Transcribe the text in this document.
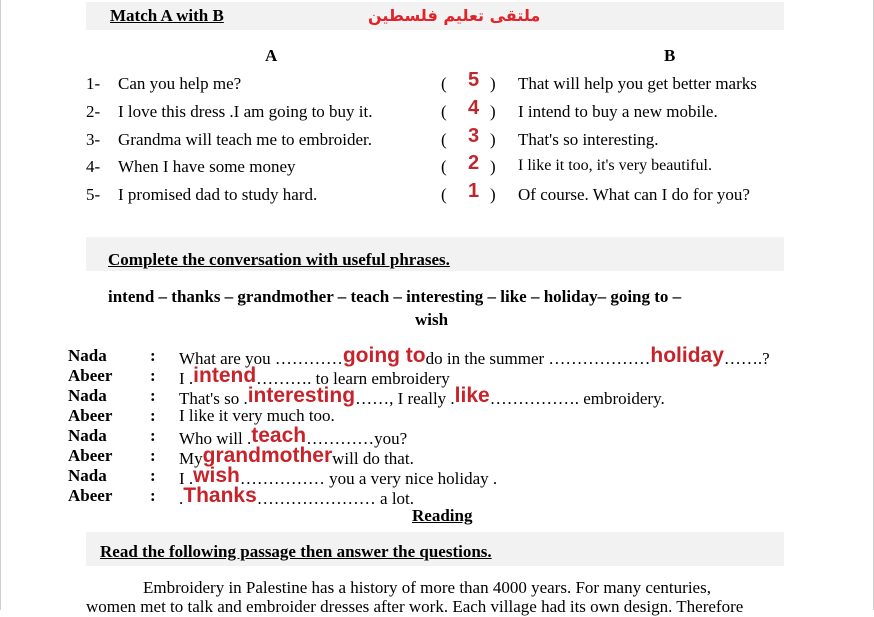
Match A with B	ملتقى تعليم فلسطين
A	B
1- Can you help me?	( 5 ) That will help you get better marks
2- I love this dress .I am going to buy it.	( 4 ) I intend to buy a new mobile.
3- Grandma will teach me to embroider.	( 3 ) That's so interesting.
4- When I have some money	( 2 ) I like it too, it's very beautiful.
5- I promised dad to study hard.	( 1 ) Of course. What can I do for you?
Complete the conversation with useful phrases.
intend – thanks – grandmother – teach – interesting – like – holiday– going to –
wish
Nada	: What are you …………going todo in the summer ………………holiday…….?
Abeer : I .intend………. to learn embroidery
Nada	: That's so .interesting……, I really .like……………. embroidery.
Abeer : I like it very much too.
Nada	: Who will .teach…………you?
Abeer : Mygrandmotherwill do that.
Nada	: I .wish…………… you a very nice holiday .
Abeer : .Thanks………………… a lot.
Reading
Read the following passage then answer the questions.
Embroidery in Palestine has a history of more than 4000 years. For many centuries,
women met to talk and embroider dresses after work. Each village had its own design. Therefore
